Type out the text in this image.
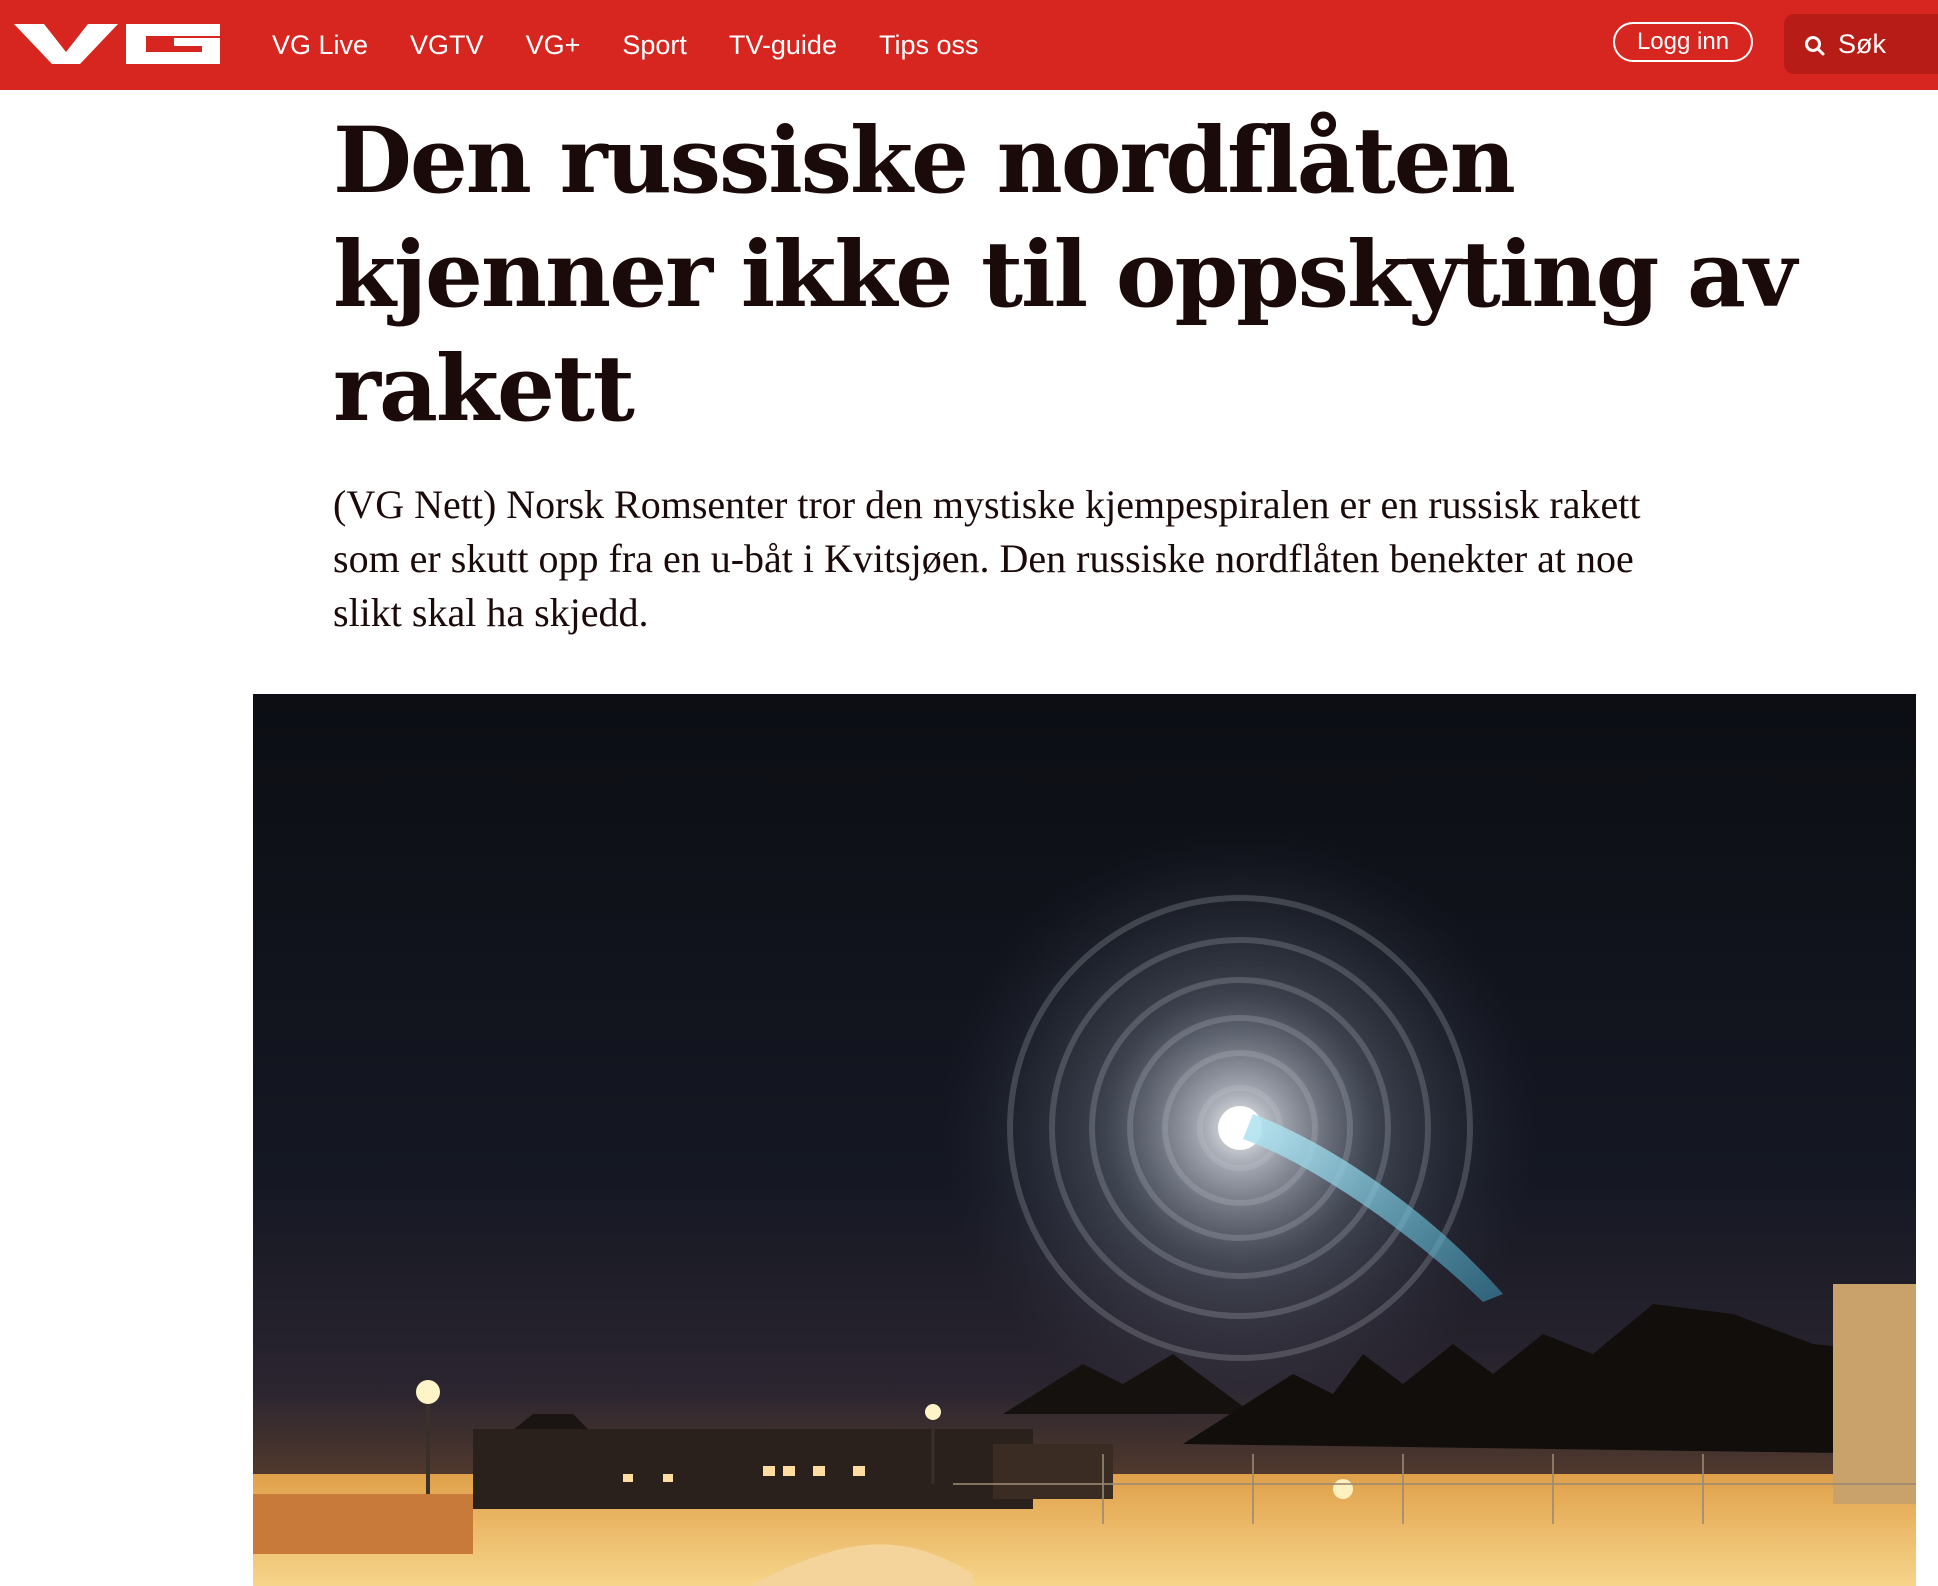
VG Live VGTV VG+ Sport TV-guide Tips oss	Logg inn	Søk
Den russiske nordflåten
kjenner ikke til oppskyting av
rakett

(VG Nett) Norsk Romsenter tror den mystiske kjempespiralen er en russisk rakett
som er skutt opp fra en u-båt i Kvitsjøen. Den russiske nordflåten benekter at noe
slikt skal ha skjedd.
